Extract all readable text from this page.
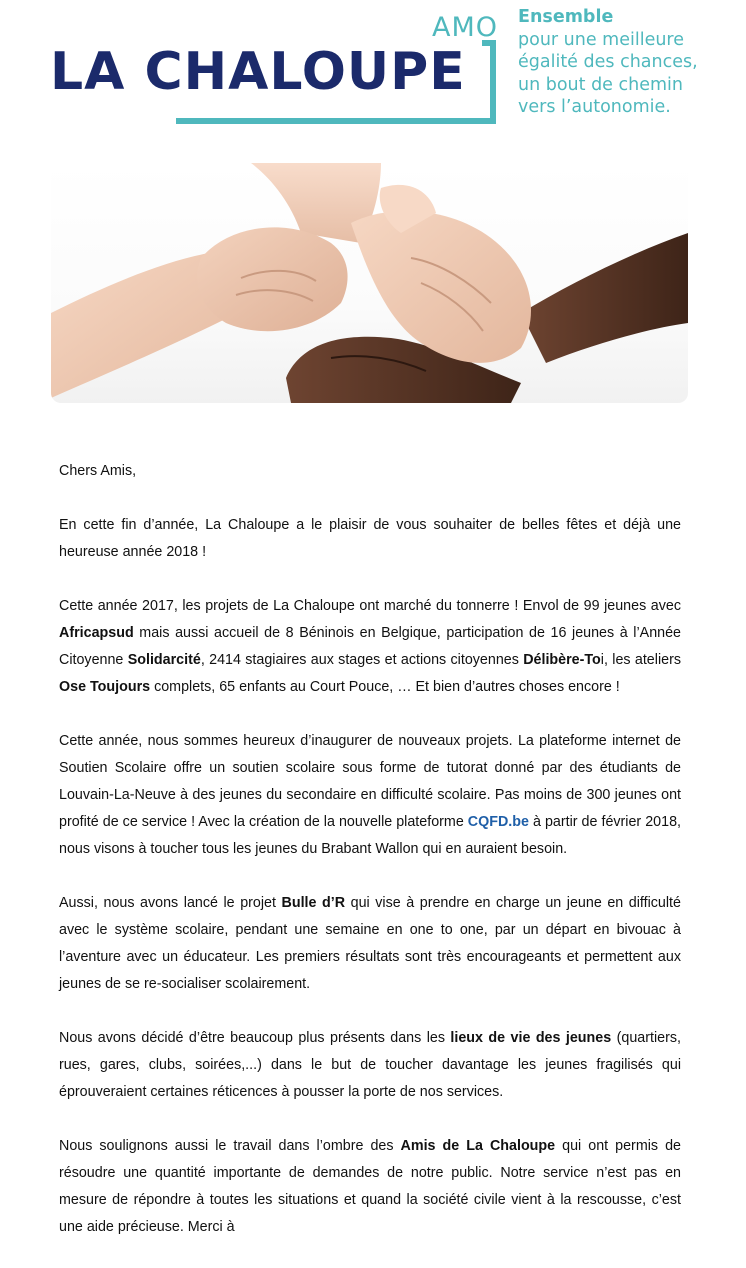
AMO
LA CHALOUPE
Ensemble
pour une meilleure
égalité des chances,
un bout de chemin
vers l’autonomie.

Chers Amis,

En cette fin d’année, La Chaloupe a le plaisir de vous souhaiter de belles fêtes et déjà une heureuse année 2018 !

Cette année 2017, les projets de La Chaloupe ont marché du tonnerre ! Envol de 99 jeunes avec Africapsud mais aussi accueil de 8 Béninois en Belgique, participation de 16 jeunes à l’Année Citoyenne Solidarcité, 2414 stagiaires aux stages et actions citoyennes Délibère-Toi, les ateliers Ose Toujours complets, 65 enfants au Court Pouce, … Et bien d’autres choses encore !

Cette année, nous sommes heureux d’inaugurer de nouveaux projets. La plateforme internet de Soutien Scolaire offre un soutien scolaire sous forme de tutorat donné par des étudiants de Louvain-La-Neuve à des jeunes du secondaire en difficulté scolaire. Pas moins de 300 jeunes ont profité de ce service ! Avec la création de la nouvelle plateforme CQFD.be à partir de février 2018, nous visons à toucher tous les jeunes du Brabant Wallon qui en auraient besoin.

Aussi, nous avons lancé le projet Bulle d’R qui vise à prendre en charge un jeune en difficulté avec le système scolaire, pendant une semaine en one to one, par un départ en bivouac à l’aventure avec un éducateur. Les premiers résultats sont très encourageants et permettent aux jeunes de se re-socialiser scolairement.

Nous avons décidé d’être beaucoup plus présents dans les lieux de vie des jeunes (quartiers, rues, gares, clubs, soirées,...) dans le but de toucher davantage les jeunes fragilisés qui éprouveraient certaines réticences à pousser la porte de nos services.

Nous soulignons aussi le travail dans l’ombre des Amis de La Chaloupe qui ont permis de résoudre une quantité importante de demandes de notre public. Notre service n’est pas en mesure de répondre à toutes les situations et quand la société civile vient à la rescousse, c’est une aide précieuse. Merci à
